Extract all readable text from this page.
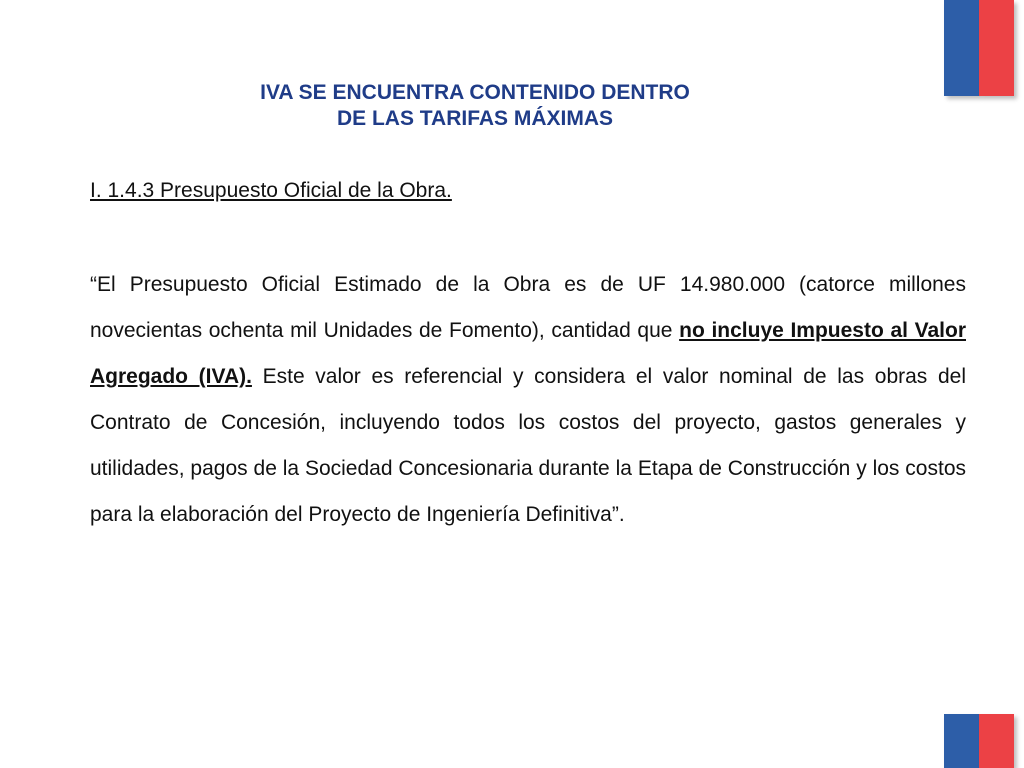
IVA SE ENCUENTRA CONTENIDO DENTRO
DE LAS TARIFAS MÁXIMAS
I. 1.4.3 Presupuesto Oficial de la Obra.
“El Presupuesto Oficial Estimado de la Obra es de UF 14.980.000 (catorce millones novecientas ochenta mil Unidades de Fomento), cantidad que no incluye Impuesto al Valor Agregado (IVA). Este valor es referencial y considera el valor nominal de las obras del Contrato de Concesión, incluyendo todos los costos del proyecto, gastos generales y utilidades, pagos de la Sociedad Concesionaria durante la Etapa de Construcción y los costos para la elaboración del Proyecto de Ingeniería Definitiva”.
